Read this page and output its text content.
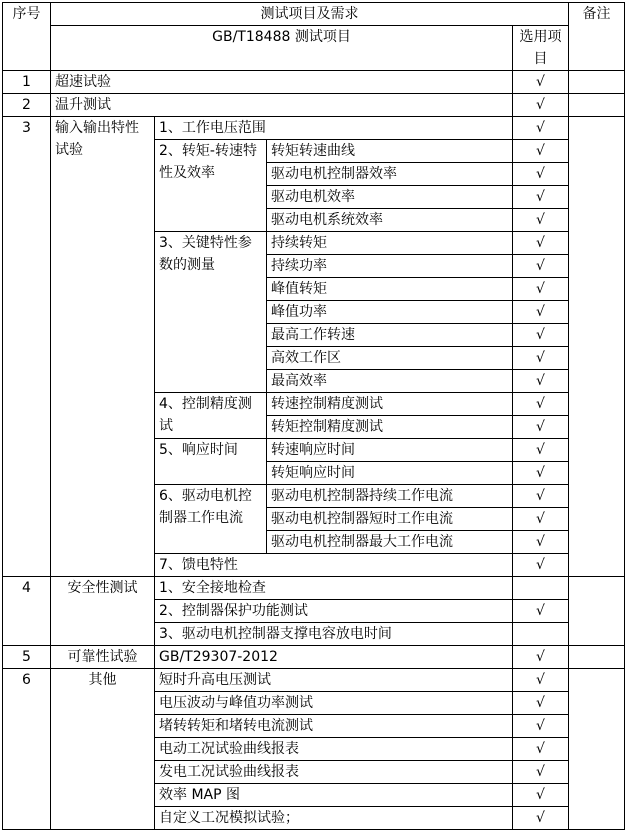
序号	测试项目及需求				备注
	GB/T18488 测试项目			选用项目	
1	超速试验			√	
2	温升测试			√	
3	输入输出特性试验	1、工作电压范围		√	
		2、转矩-转速特性及效率	转矩转速曲线	√	
			驱动电机控制器效率	√	
			驱动电机效率	√	
			驱动电机系统效率	√	
		3、关键特性参数的测量	持续转矩	√	
			持续功率	√	
			峰值转矩	√	
			峰值功率	√	
			最高工作转速	√	
			高效工作区	√	
			最高效率	√	
		4、控制精度测试	转速控制精度测试	√	
			转矩控制精度测试	√	
		5、响应时间	转速响应时间	√	
			转矩响应时间	√	
		6、驱动电机控制器工作电流	驱动电机控制器持续工作电流	√	
			驱动电机控制器短时工作电流	√	
			驱动电机控制器最大工作电流	√	
		7、馈电特性		√	
4	安全性测试	1、安全接地检查			
		2、控制器保护功能测试		√	
		3、驱动电机控制器支撑电容放电时间			
5	可靠性试验	GB/T29307-2012		√	
6	其他	短时升高电压测试		√	
		电压波动与峰值功率测试		√	
		堵转转矩和堵转电流测试		√	
		电动工况试验曲线报表		√	
		发电工况试验曲线报表		√	
		效率 MAP 图		√	
		自定义工况模拟试验；		√	
